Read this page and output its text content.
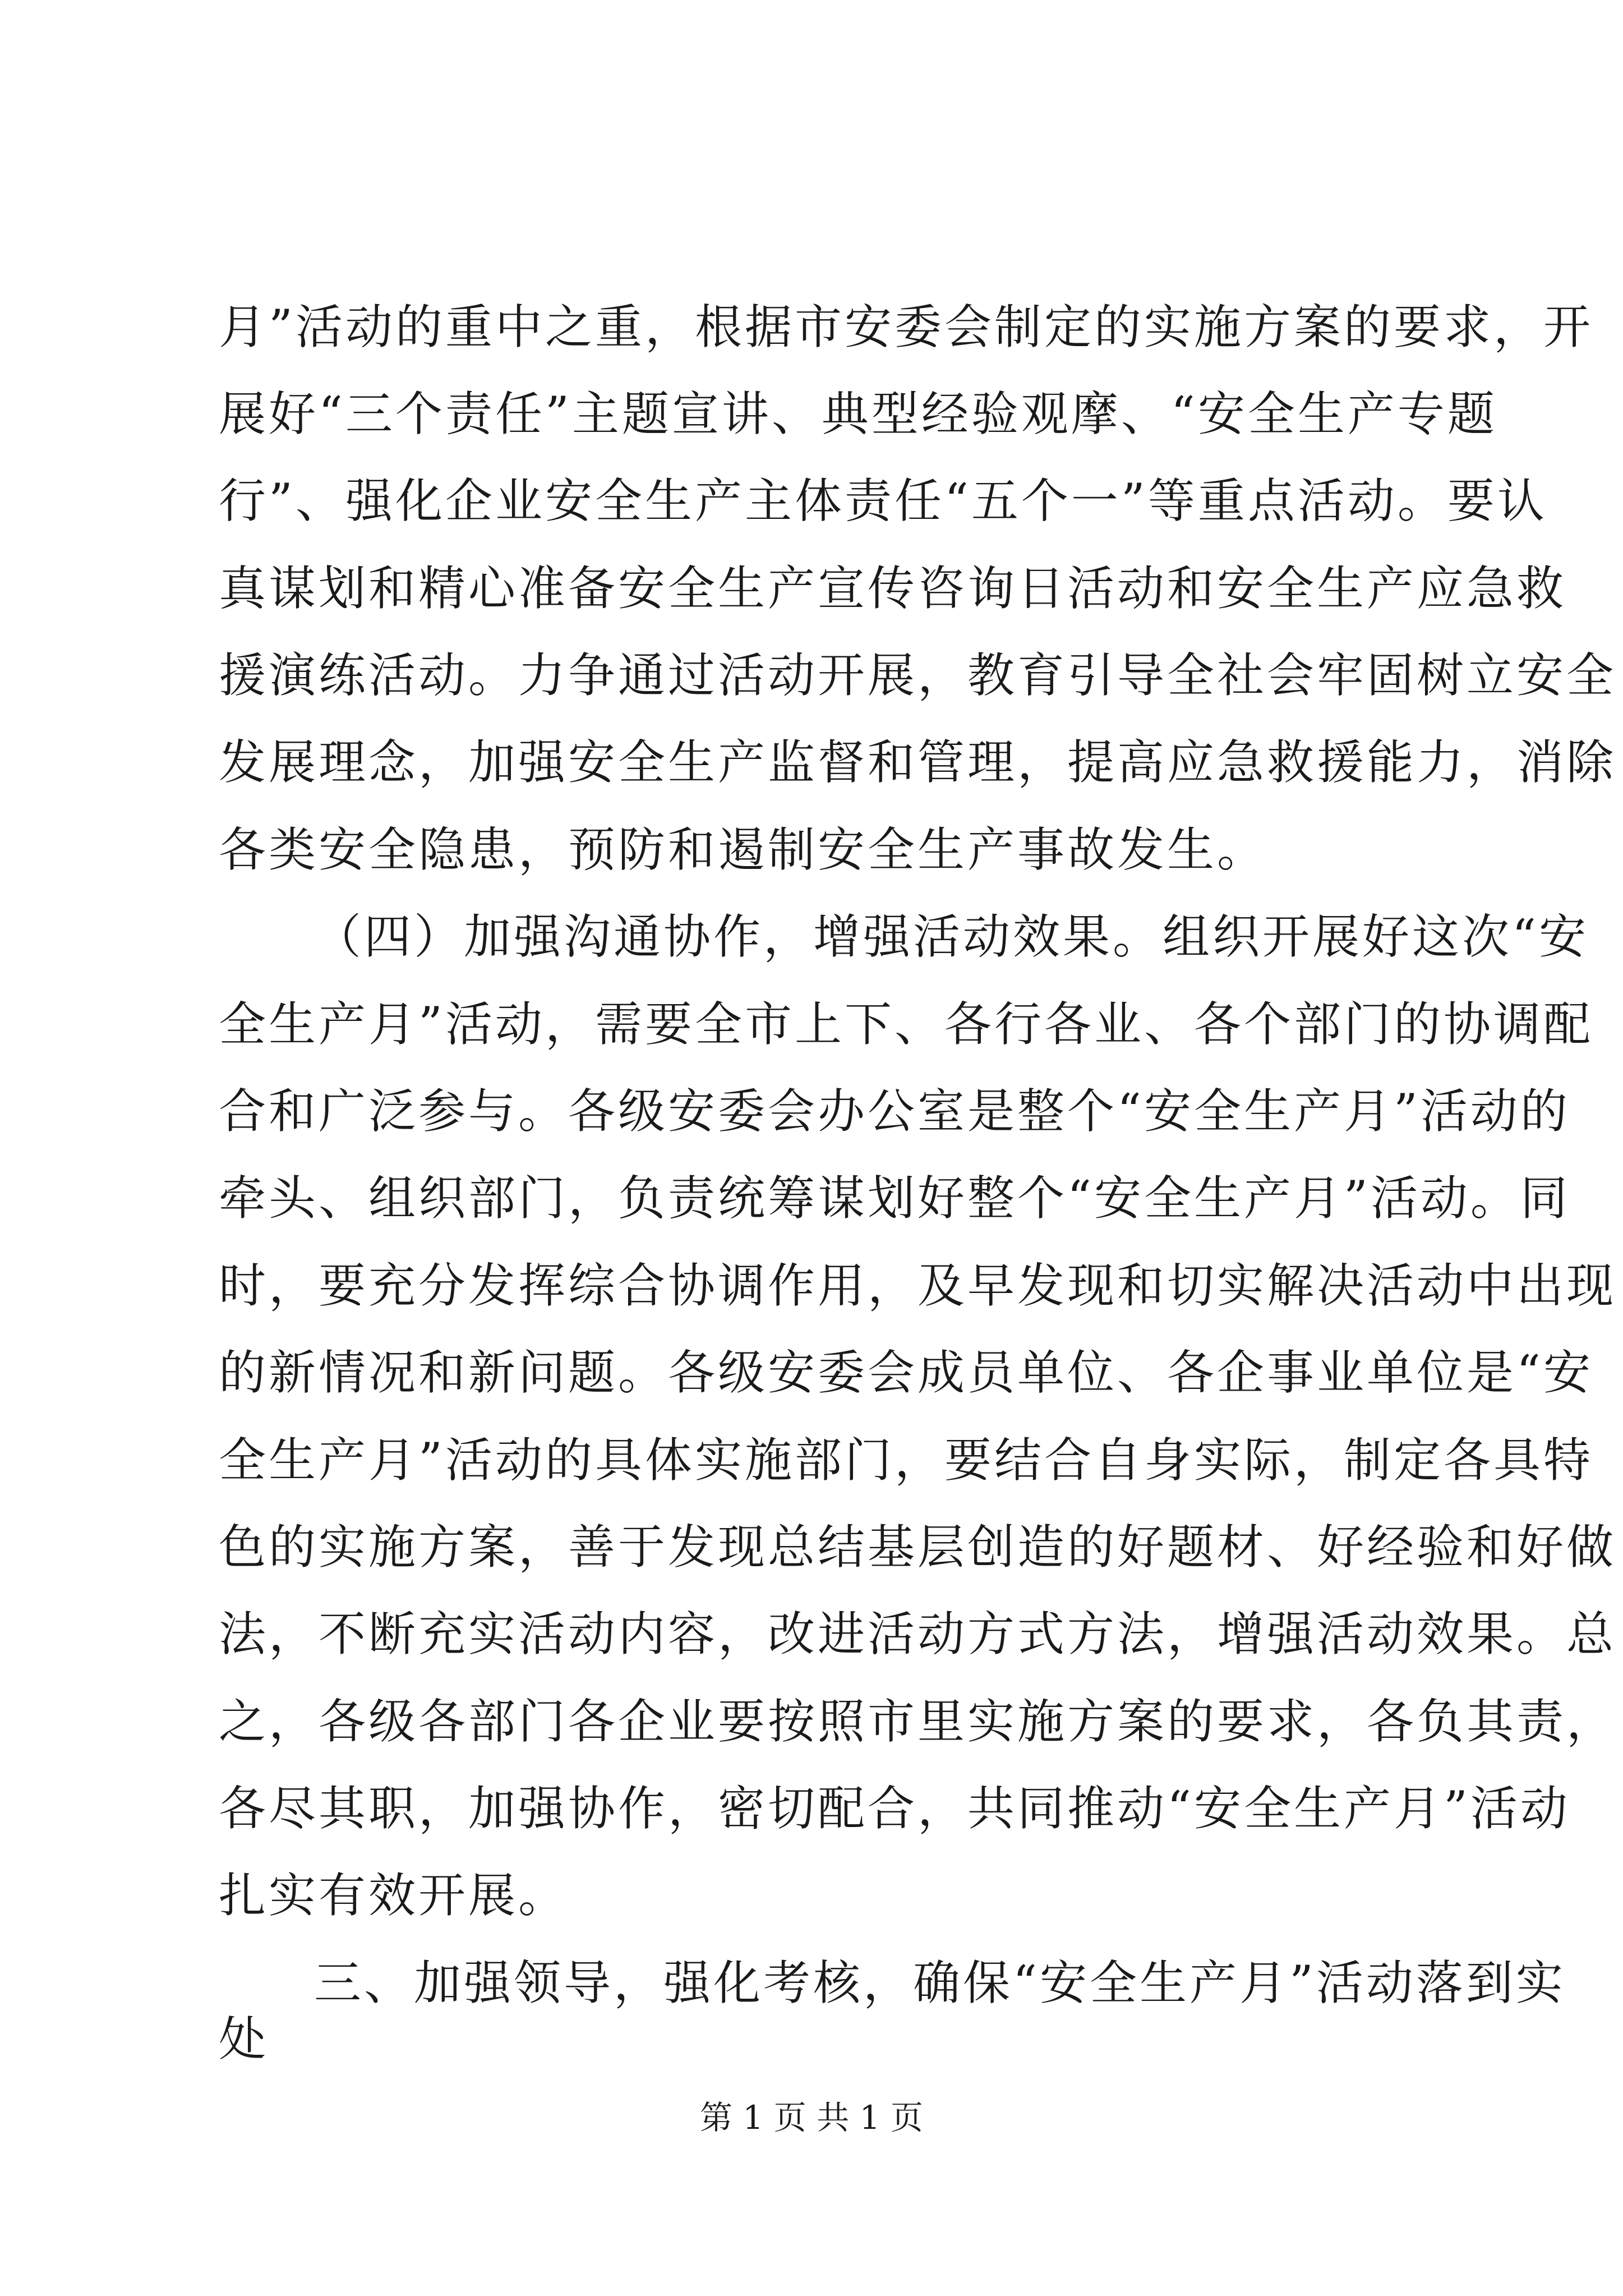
月”活动的重中之重，根据市安委会制定的实施方案的要求，开
展好“三个责任”主题宣讲、典型经验观摩、“安全生产专题
行”、强化企业安全生产主体责任“五个一”等重点活动。要认
真谋划和精心准备安全生产宣传咨询日活动和安全生产应急救
援演练活动。力争通过活动开展，教育引导全社会牢固树立安全
发展理念，加强安全生产监督和管理，提高应急救援能力，消除
各类安全隐患，预防和遏制安全生产事故发生。
（四）加强沟通协作，增强活动效果。组织开展好这次“安
全生产月”活动，需要全市上下、各行各业、各个部门的协调配
合和广泛参与。各级安委会办公室是整个“安全生产月”活动的
牵头、组织部门，负责统筹谋划好整个“安全生产月”活动。同
时，要充分发挥综合协调作用，及早发现和切实解决活动中出现
的新情况和新问题。各级安委会成员单位、各企事业单位是“安
全生产月”活动的具体实施部门，要结合自身实际，制定各具特
色的实施方案，善于发现总结基层创造的好题材、好经验和好做
法，不断充实活动内容，改进活动方式方法，增强活动效果。总
之，各级各部门各企业要按照市里实施方案的要求，各负其责，
各尽其职，加强协作，密切配合，共同推动“安全生产月”活动
扎实有效开展。
三、加强领导，强化考核，确保“安全生产月”活动落到实
处
第 1 页 共 1 页
